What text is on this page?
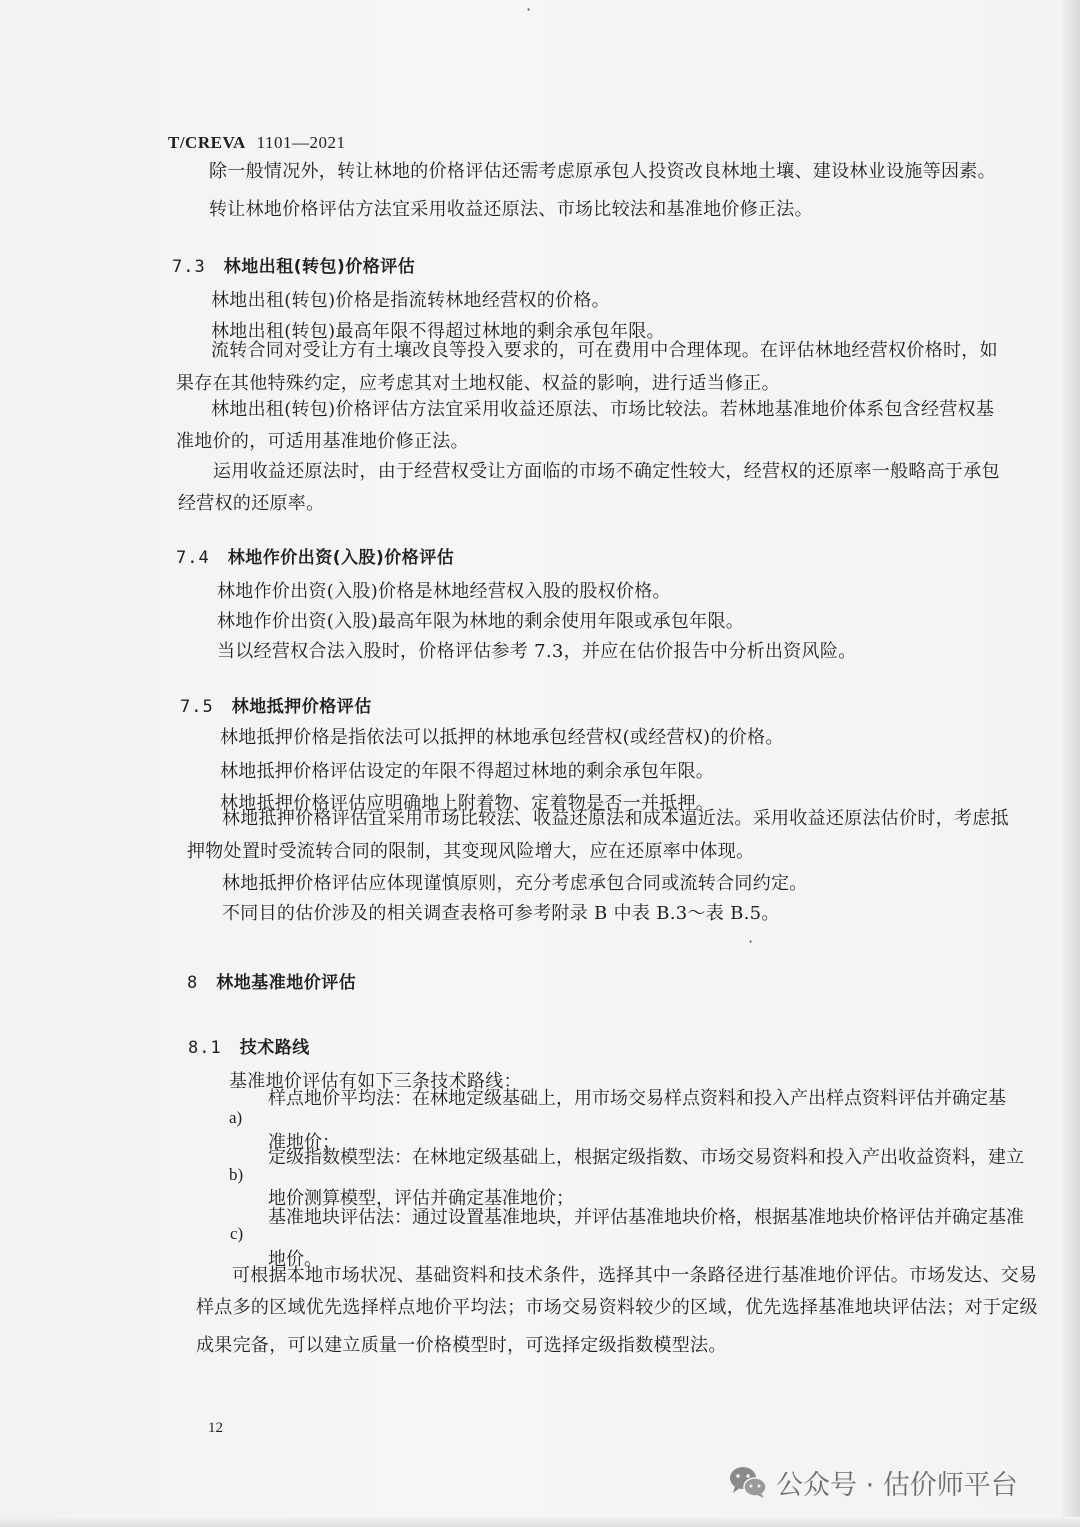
·
·
T/CREVA 1101—2021
除一般情况外，转让林地的价格评估还需考虑原承包人投资改良林地土壤、建设林业设施等因素。
转让林地价格评估方法宜采用收益还原法、市场比较法和基准地价修正法。
7.3 林地出租(转包)价格评估
林地出租(转包)价格是指流转林地经营权的价格。
林地出租(转包)最高年限不得超过林地的剩余承包年限。
流转合同对受让方有土壤改良等投入要求的，可在费用中合理体现。在评估林地经营权价格时，如
果存在其他特殊约定，应考虑其对土地权能、权益的影响，进行适当修正。
林地出租(转包)价格评估方法宜采用收益还原法、市场比较法。若林地基准地价体系包含经营权基
准地价的，可适用基准地价修正法。
运用收益还原法时，由于经营权受让方面临的市场不确定性较大，经营权的还原率一般略高于承包
经营权的还原率。
7.4 林地作价出资(入股)价格评估
林地作价出资(入股)价格是林地经营权入股的股权价格。
林地作价出资(入股)最高年限为林地的剩余使用年限或承包年限。
当以经营权合法入股时，价格评估参考 7.3，并应在估价报告中分析出资风险。
7.5 林地抵押价格评估
林地抵押价格是指依法可以抵押的林地承包经营权(或经营权)的价格。
林地抵押价格评估设定的年限不得超过林地的剩余承包年限。
林地抵押价格评估应明确地上附着物、定着物是否一并抵押。
林地抵押价格评估宜采用市场比较法、收益还原法和成本逼近法。采用收益还原法估价时，考虑抵
押物处置时受流转合同的限制，其变现风险增大，应在还原率中体现。
林地抵押价格评估应体现谨慎原则，充分考虑承包合同或流转合同约定。
不同目的估价涉及的相关调查表格可参考附录 B 中表 B.3～表 B.5。
8 林地基准地价评估
8.1 技术路线
基准地价评估有如下三条技术路线：
a)
样点地价平均法：在林地定级基础上，用市场交易样点资料和投入产出样点资料评估并确定基
准地价；
b)
定级指数模型法：在林地定级基础上，根据定级指数、市场交易资料和投入产出收益资料，建立
地价测算模型，评估并确定基准地价；
c)
基准地块评估法：通过设置基准地块，并评估基准地块价格，根据基准地块价格评估并确定基准
地价。
可根据本地市场状况、基础资料和技术条件，选择其中一条路径进行基准地价评估。市场发达、交易
样点多的区域优先选择样点地价平均法；市场交易资料较少的区域，优先选择基准地块评估法；对于定级
成果完备，可以建立质量一价格模型时，可选择定级指数模型法。
12
公众号 · 估价师平台
